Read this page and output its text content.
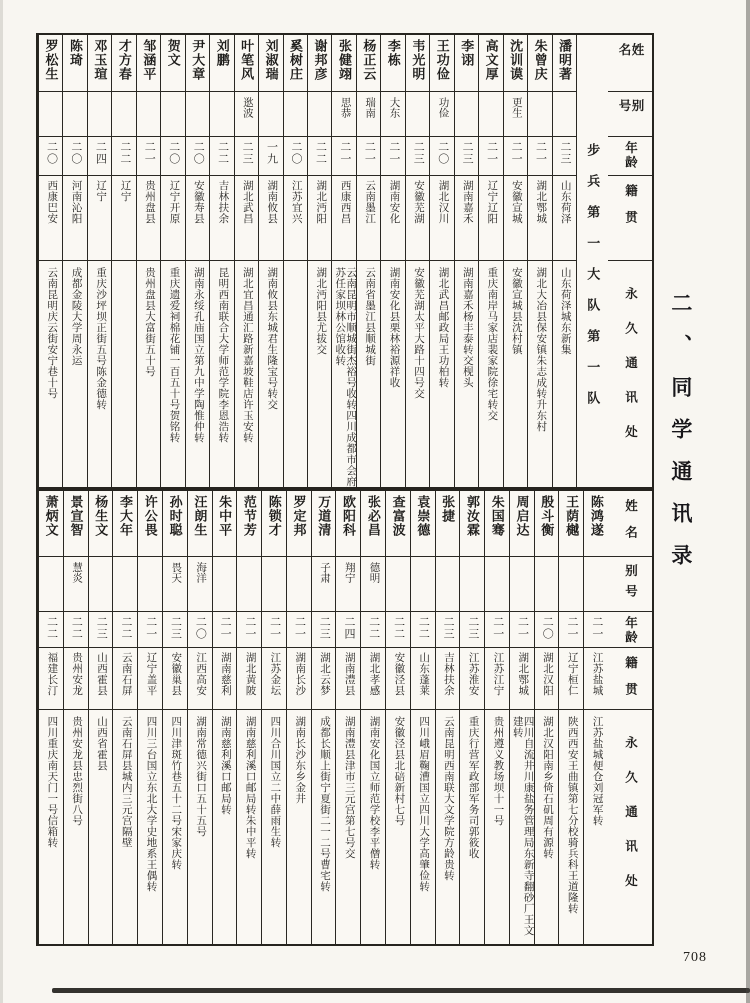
姓名
别号
年龄
籍贯
永久通讯处
步兵第一大队第一队
潘明著
二三
山东荷泽
山东荷泽城东新集
朱曾庆
二一
湖北鄂城
湖北大冶县保安镇朱志成转升东村
沈训谟
更生
二一
安徽宣城
安徽宣城县沈村镇
高文厚
二一
辽宁辽阳
重庆南岸马家店裴家院徐宅转交
李诩
二三
湖南嘉禾
湖南嘉禾杨丰泰转交枧头
王功俭
功俭
二〇
湖北汉川
湖北武昌邮政局王功柏转
韦光明
二三
安徽芜湖
安徽芜湖太平大路十四号交
李栋
大东
二一
湖南安化
湖南安化县栗林裕源祥收
杨正云
瑞南
二一
云南墨江
云南省墨江县顺城街
张健翊
思恭
二一
西康西昌
云南昆明市顺城街杰裕号收转四川成都市会府苏任家坝林公馆收转
谢邦彦
二二
湖北沔阳
湖北沔阳县尤拔交
奚树庄
二〇
江苏宜兴
刘淑瑞
一九
湖南攸县
湖南攸县东城君生隆宝号转交
叶笔风
逖波
二三
湖北武昌
湖北宜昌通汇路新嘉坡鞋店许玉安转
刘鹏
二二
吉林扶余
昆明西南联合大学师范学院李恩浩转
尹大章
二〇
安徽寿县
湖南永绥孔庙国立第九中学陶惟仲转
贺文
二〇
辽宁开原
重庆遗爱祠棉花铺一百五十号贺铭转
邹涵平
二一
贵州盘县
贵州盘县大富街五十号
才方春
二二
辽宁
邓玉瑄
二四
辽宁
重庆沙坪坝正街五号陈金德转
陈琦
二〇
河南沁阳
成都金陵大学周永运
罗松生
二〇
西康巴安
云南昆明庆云街安宁巷十号
姓名
别号
年龄
籍贯
永久通讯处
陈鸿遂
二一
江苏盐城
江苏盐城便仓刘冠军转
王荫樾
二一
辽宁桓仁
陕西西安王曲镇第七分校骑兵科王道隆转
殷斗衡
二〇
湖北汉阳
湖北汉阳南乡倚石矶周有源转
周启达
二一
湖北鄂城
四川自流井川康盐务管理局东新寺翻砂厂王文建转
朱国骞
二一
江苏江宁
贵州遵义教场坝十一号
郭汝霖
二三
江苏淮安
重庆行营军政部军务司郭筱收
张捷
二三
吉林扶余
云南昆明西南联大文学院方龄贵转
袁崇德
二二
山东蓬莱
四川峨眉鞠漕国立四川大学高肇俭转
查富波
二二
安徽泾县
安徽泾县北碚新村七号
张必昌
德明
二二
湖北孝感
湖南安化国立师范学校李平僧转
欧阳科
翔宁
二四
湖南澧县
湖南澧县津市三元宫第七号交
万道清
子肃
二三
湖北云梦
成都长顺上街宁夏街二一二号曹宅转
罗定邦
二一
湖南长沙
湖南长沙东乡金井
陈锁才
二一
江苏金坛
四川合川国立二中薛雨生转
范节芳
二一
湖北黄陂
湖南慈利溪口邮局转朱中平转
朱中平
二一
湖南慈利
湖南慈利溪口邮局转
汪朗生
海洋
二〇
江西高安
湖南常德兴街口五十五号
孙时聪
畏天
二三
安徽巢县
四川津斑竹巷五十二号宋家庆转
许公畏
二一
辽宁盖平
四川三台国立东北大学史地系王偶转
李大年
二二
云南石屏
云南石屏县城内三元宫隔壁
杨生文
二三
山西霍县
山西省霍县
景宣智
慧炎
二二
贵州安龙
贵州安龙县忠烈街八号
萧炳文
二二
福建长汀
四川重庆南天门一号信箱转
二、同学通讯录
708
